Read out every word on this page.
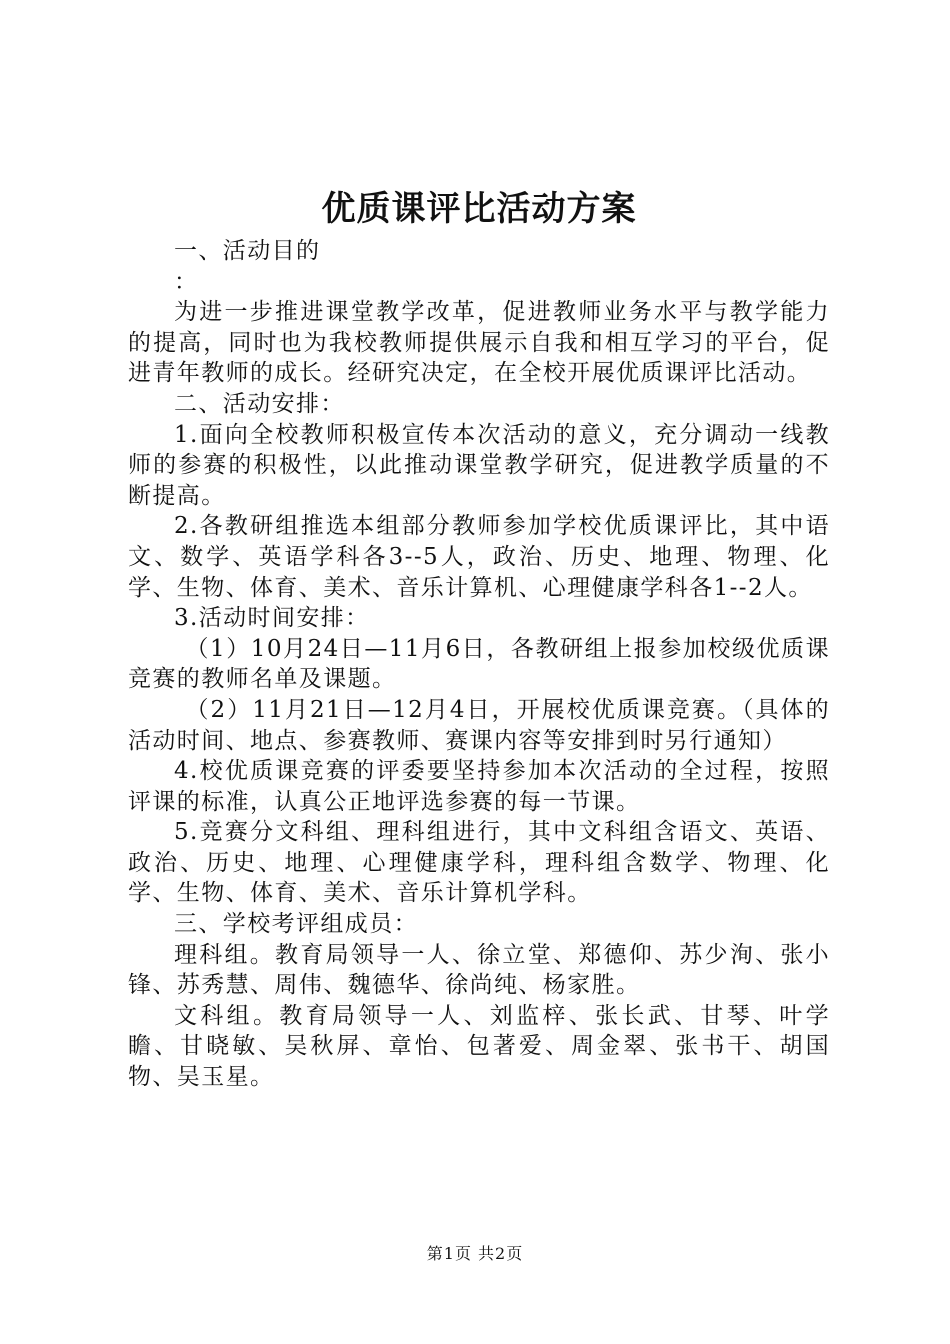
优质课评比活动方案

一、活动目的

：

为进一步推进课堂教学改革，促进教师业务水平与教学能力的提高，同时也为我校教师提供展示自我和相互学习的平台，促进青年教师的成长。经研究决定，在全校开展优质课评比活动。

二、活动安排：

1.面向全校教师积极宣传本次活动的意义，充分调动一线教师的参赛的积极性，以此推动课堂教学研究，促进教学质量的不断提高。

2.各教研组推选本组部分教师参加学校优质课评比，其中语文、数学、英语学科各3--5人，政治、历史、地理、物理、化学、生物、体育、美术、音乐计算机、心理健康学科各1--2人。

3.活动时间安排：

（1）10月24日—11月6日，各教研组上报参加校级优质课竞赛的教师名单及课题。

（2）11月21日—12月4日，开展校优质课竞赛。（具体的活动时间、地点、参赛教师、赛课内容等安排到时另行通知）

4.校优质课竞赛的评委要坚持参加本次活动的全过程，按照评课的标准，认真公正地评选参赛的每一节课。

5.竞赛分文科组、理科组进行，其中文科组含语文、英语、政治、历史、地理、心理健康学科，理科组含数学、物理、化学、生物、体育、美术、音乐计算机学科。

三、学校考评组成员：

理科组。教育局领导一人、徐立堂、郑德仰、苏少洵、张小锋、苏秀慧、周伟、魏德华、徐尚纯、杨家胜。

文科组。教育局领导一人、刘监梓、张长武、甘琴、叶学瞻、甘晓敏、吴秋屏、章怡、包著爱、周金翠、张书干、胡国物、吴玉星。

第1页 共2页
